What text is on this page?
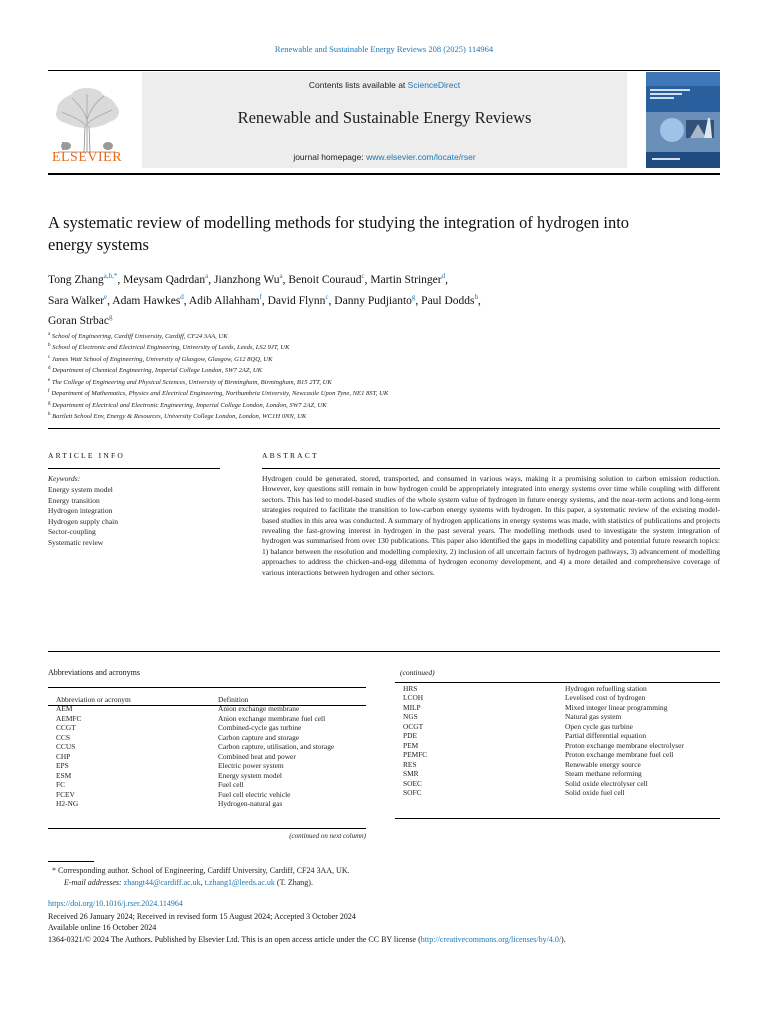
Renewable and Sustainable Energy Reviews 208 (2025) 114964
ELSEVIER
Contents lists available at ScienceDirect
Renewable and Sustainable Energy Reviews
journal homepage: www.elsevier.com/locate/rser
A systematic review of modelling methods for studying the integration of hydrogen into energy systems
Tong Zhang$^{a,b,*}$, Meysam Qadrdan$^a$, Jianzhong Wu$^a$, Benoit Couraud$^c$, Martin Stringer$^d$,
Sara Walker$^e$, Adam Hawkes$^d$, Adib Allahham$^f$, David Flynn$^c$, Danny Pudjianto$^g$, Paul Dodds$^h$,
Goran Strbac$^g$
$^a$ School of Engineering, Cardiff University, Cardiff, CF24 3AA, UK
$^b$ School of Electronic and Electrical Engineering, University of Leeds, Leeds, LS2 9JT, UK
$^c$ James Watt School of Engineering, University of Glasgow, Glasgow, G12 8QQ, UK
$^d$ Department of Chemical Engineering, Imperial College London, SW7 2AZ, UK
$^e$ The College of Engineering and Physical Sciences, University of Birmingham, Birmingham, B15 2TT, UK
$^f$ Department of Mathematics, Physics and Electrical Engineering, Northumbria University, Newcastle Upon Tyne, NE1 8ST, UK
$^g$ Department of Electrical and Electronic Engineering, Imperial College London, London, SW7 2AZ, UK
$^h$ Bartlett School Env, Energy & Resources, University College London, London, WC1H 0NN, UK
ARTICLE INFO
Keywords:
Energy system model
Energy transition
Hydrogen integration
Hydrogen supply chain
Sector-coupling
Systematic review
ABSTRACT

Hydrogen could be generated, stored, transported, and consumed in various ways, making it a promising solution to carbon emission reduction. However, key questions still remain in how hydrogen could be appropriately integrated into energy systems over time while coupling with different sectors. This has led to model-based studies of the whole system value of hydrogen in future energy systems, and the near-term actions and long-term strategies required to facilitate the transition to low-carbon energy systems with hydrogen. In this paper, a systematic review of the existing model-based studies in this area was conducted. A summary of hydrogen applications in energy systems was made, with statistics of publications and projects revealing the fast-growing interest in hydrogen in the past several years. The modelling methods used to investigate the system integration of hydrogen was summarised from over 130 publications. This paper also identified the gaps in modelling capability and potential future research topics: 1) balance between the resolution and modelling complexity, 2) inclusion of all uncertain factors of hydrogen pathways, 3) advancement of modelling approaches to address the chicken-and-egg dilemma of hydrogen economy development, and 4) a more detailed and comprehensive coverage of various interactions between hydrogen and other sectors.

Abbreviations and acronyms
Abbreviation or acronym	Definition
AEM	Anion exchange membrane
AEMFC	Anion exchange membrane fuel cell
CCGT	Combined-cycle gas turbine
CCS	Carbon capture and storage
CCUS	Carbon capture, utilisation, and storage
CHP	Combined heat and power
EPS	Electric power system
ESM	Energy system model
FC	Fuel cell
FCEV	Fuel cell electric vehicle
H2-NG	Hydrogen-natural gas
(continued on next column)
(continued)
HRS	Hydrogen refuelling station
LCOH	Levelised cost of hydrogen
MILP	Mixed integer linear programming
NGS	Natural gas system
OCGT	Open cycle gas turbine
PDE	Partial differential equation
PEM	Proton exchange membrane electrolyser
PEMFC	Proton exchange membrane fuel cell
RES	Renewable energy source
SMR	Steam methane reforming
SOEC	Solid oxide electrolyser cell
SOFC	Solid oxide fuel cell
* Corresponding author. School of Engineering, Cardiff University, Cardiff, CF24 3AA, UK.
E-mail addresses: zhangt44@cardiff.ac.uk, t.zhang1@leeds.ac.uk (T. Zhang).
https://doi.org/10.1016/j.rser.2024.114964
Received 26 January 2024; Received in revised form 15 August 2024; Accepted 3 October 2024
Available online 16 October 2024
1364-0321/© 2024 The Authors. Published by Elsevier Ltd. This is an open access article under the CC BY license (http://creativecommons.org/licenses/by/4.0/).
